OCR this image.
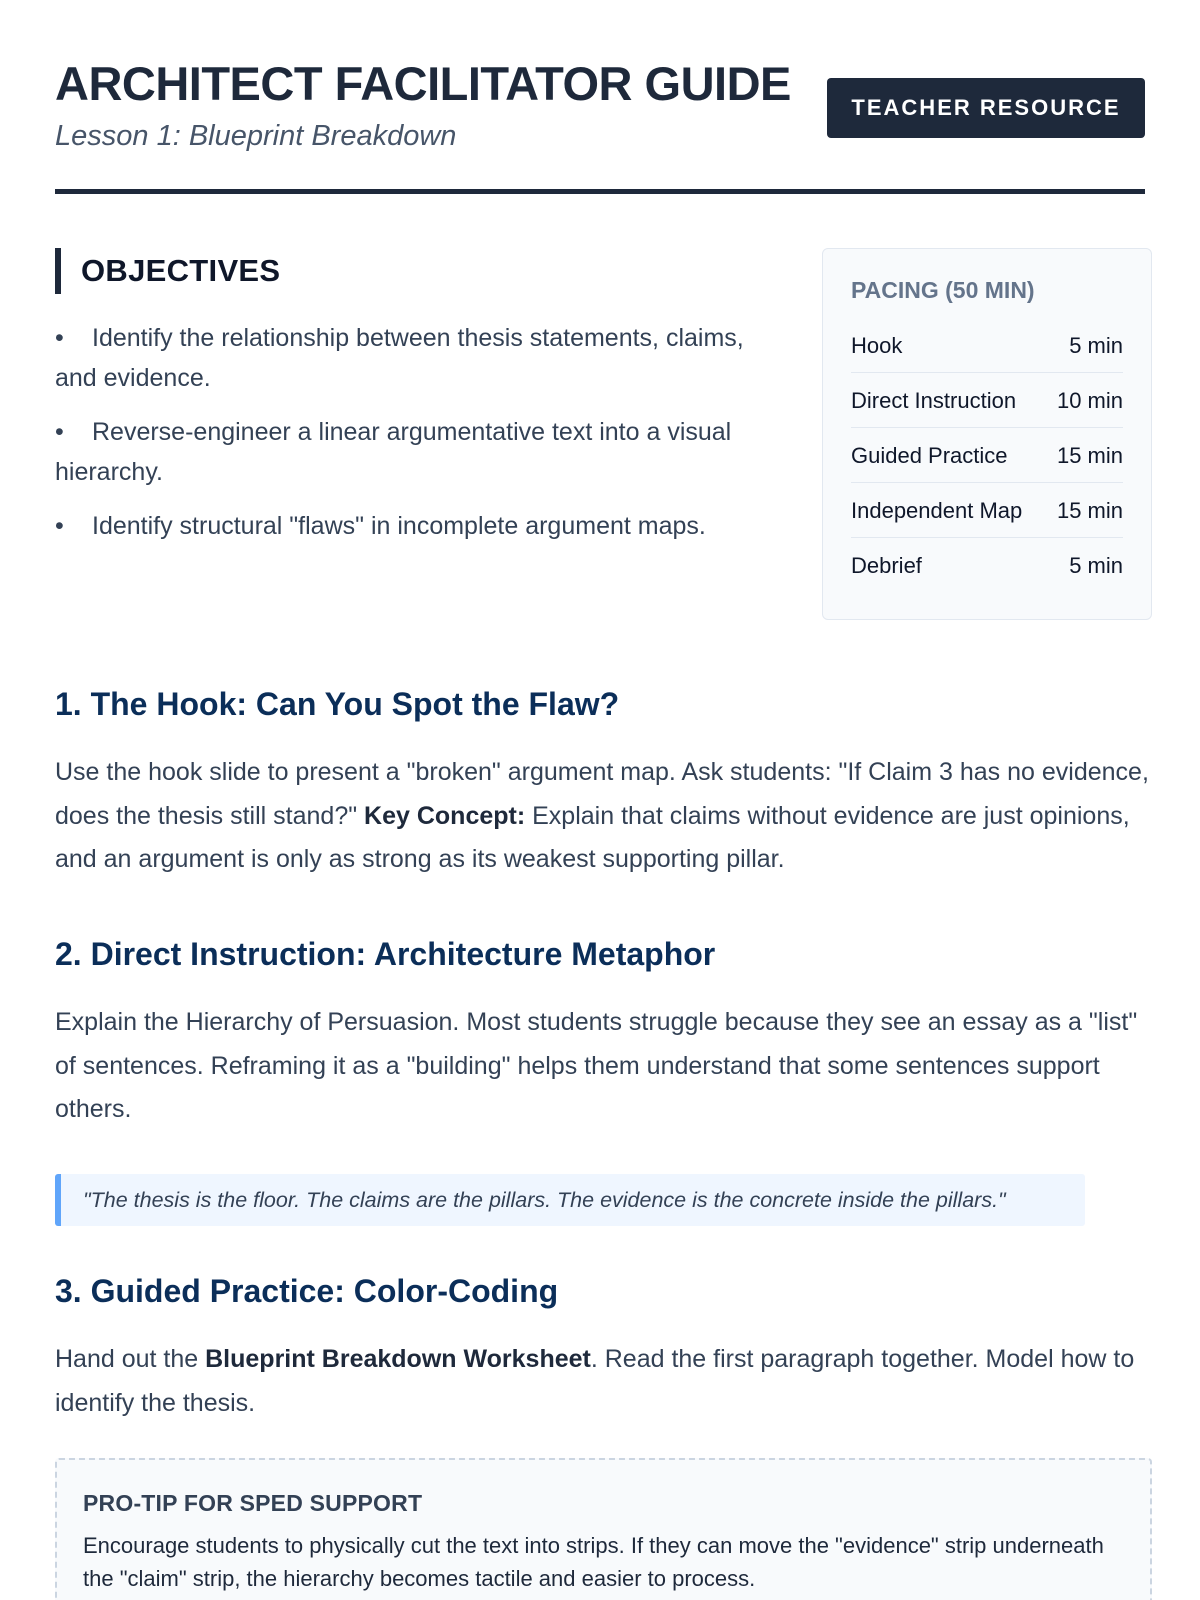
ARCHITECT FACILITATOR GUIDE
Lesson 1: Blueprint Breakdown
TEACHER RESOURCE
OBJECTIVES
• Identify the relationship between thesis statements, claims, and evidence.
• Reverse-engineer a linear argumentative text into a visual hierarchy.
• Identify structural "flaws" in incomplete argument maps.
PACING (50 MIN)
Hook	5 min
Direct Instruction 10 min
Guided Practice 15 min
Independent Map 15 min
Debrief	5 min
1. The Hook: Can You Spot the Flaw?
Use the hook slide to present a "broken" argument map. Ask students: "If Claim 3 has no evidence, does the thesis still stand?" Key Concept: Explain that claims without evidence are just opinions, and an argument is only as strong as its weakest supporting pillar.
2. Direct Instruction: Architecture Metaphor
Explain the Hierarchy of Persuasion. Most students struggle because they see an essay as a "list" of sentences. Reframing it as a "building" helps them understand that some sentences support others.
"The thesis is the floor. The claims are the pillars. The evidence is the concrete inside the pillars."
3. Guided Practice: Color-Coding
Hand out the Blueprint Breakdown Worksheet. Read the first paragraph together. Model how to identify the thesis.
PRO-TIP FOR SPED SUPPORT
Encourage students to physically cut the text into strips. If they can move the "evidence" strip underneath the "claim" strip, the hierarchy becomes tactile and easier to process.
